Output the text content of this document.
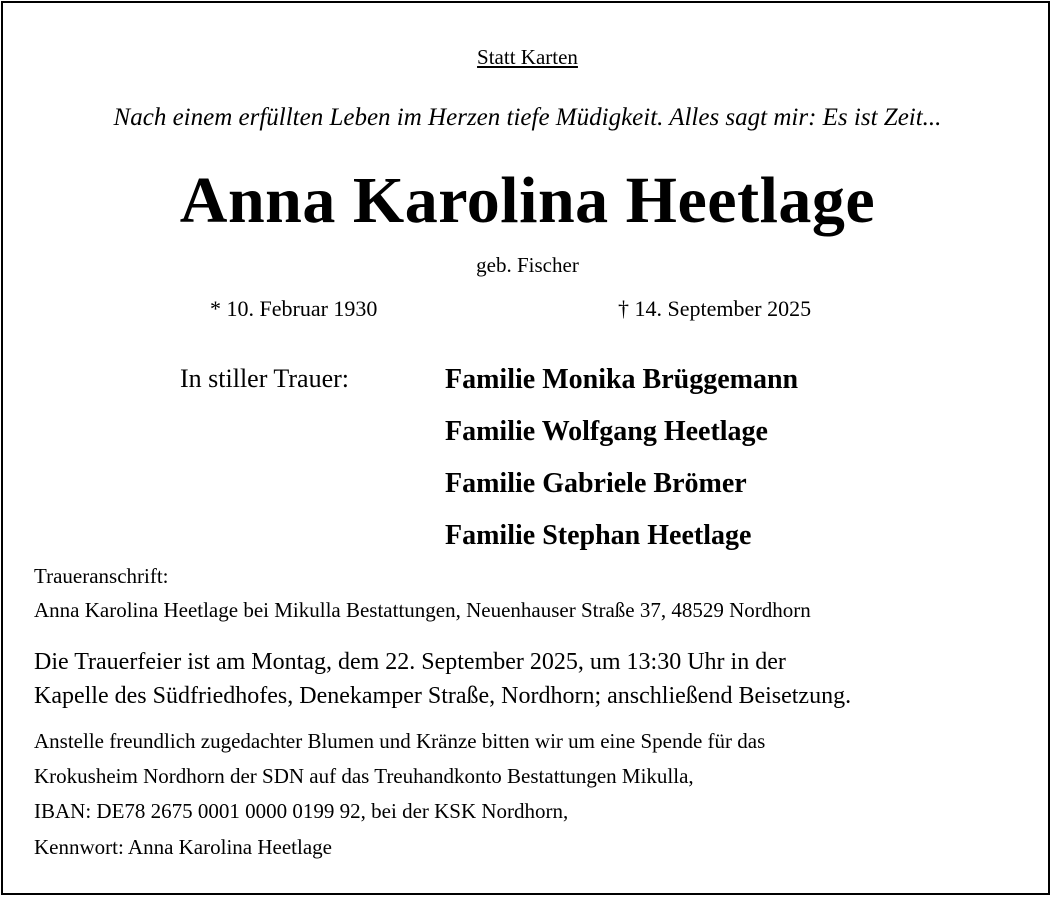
Statt Karten
Nach einem erfüllten Leben im Herzen tiefe Müdigkeit. Alles sagt mir: Es ist Zeit...
Anna Karolina Heetlage
geb. Fischer
* 10. Februar 1930	† 14. September 2025
In stiller Trauer:	Familie Monika Brüggemann
Familie Wolfgang Heetlage
Familie Gabriele Brömer
Familie Stephan Heetlage
Traueranschrift:
Anna Karolina Heetlage bei Mikulla Bestattungen, Neuenhauser Straße 37, 48529 Nordhorn
Die Trauerfeier ist am Montag, dem 22. September 2025, um 13:30 Uhr in der
Kapelle des Südfriedhofes, Denekamper Straße, Nordhorn; anschließend Beisetzung.
Anstelle freundlich zugedachter Blumen und Kränze bitten wir um eine Spende für das
Krokusheim Nordhorn der SDN auf das Treuhandkonto Bestattungen Mikulla,
IBAN: DE78 2675 0001 0000 0199 92, bei der KSK Nordhorn,
Kennwort: Anna Karolina Heetlage
